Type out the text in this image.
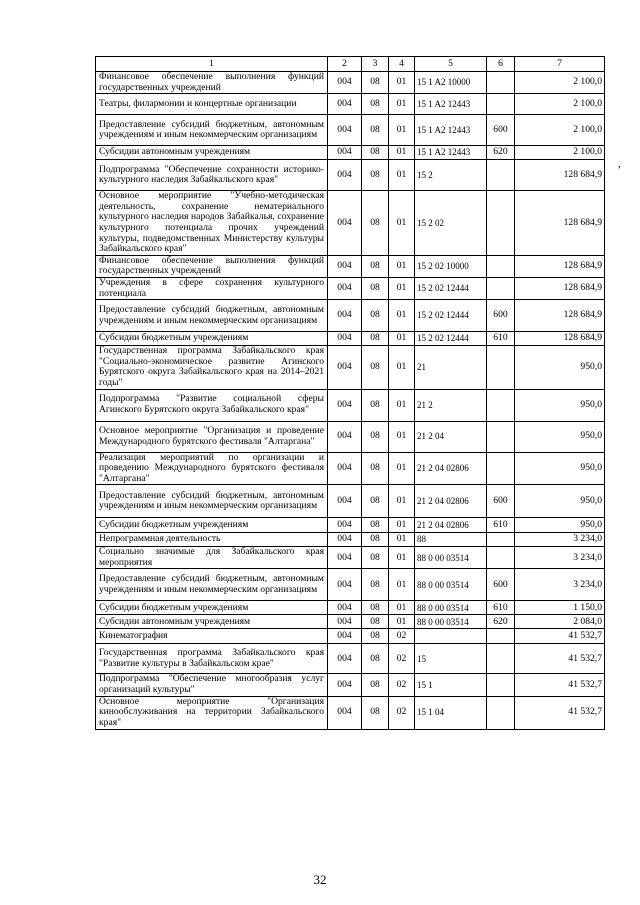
1	2	3	4	5	6	7
Финансовое обеспечение выполнения функций государственных учреждений	004	08	01	15 1 A2 10000		2 100,0
Театры, филармонии и концертные организации	004	08	01	15 1 A2 12443		2 100,0
Предоставление субсидий бюджетным, автономным учреждениям и иным некоммерческим организациям	004	08	01	15 1 A2 12443	600	2 100,0
Субсидии автономным учреждениям	004	08	01	15 1 A2 12443	620	2 100,0
Подпрограмма "Обеспечение сохранности историко-культурного наследия Забайкальского края"	004	08	01	15 2		128 684,9
Основное мероприятие "Учебно-методическая деятельность, сохранение нематериального культурного наследия народов Забайкалья, сохранение культурного потенциала прочих учреждений культуры, подведомственных Министерству культуры Забайкальского края"	004	08	01	15 2 02		128 684,9
Финансовое обеспечение выполнения функций государственных учреждений	004	08	01	15 2 02 10000		128 684,9
Учреждения в сфере сохранения культурного потенциала	004	08	01	15 2 02 12444		128 684,9
Предоставление субсидий бюджетным, автономным учреждениям и иным некоммерческим организациям	004	08	01	15 2 02 12444	600	128 684,9
Субсидии бюджетным учреждениям	004	08	01	15 2 02 12444	610	128 684,9
Государственная программа Забайкальского края "Социально-экономическое развитие Агинского Бурятского округа Забайкальского края на 2014–2021 годы"	004	08	01	21		950,0
Подпрограмма "Развитие социальной сферы Агинского Бурятского округа Забайкальского края"	004	08	01	21 2		950,0
Основное мероприятие "Организация и проведение Международного бурятского фестиваля "Алтаргана"	004	08	01	21 2 04		950,0
Реализация мероприятий по организации и проведению Международного бурятского фестиваля "Алтаргана"	004	08	01	21 2 04 02806		950,0
Предоставление субсидий бюджетным, автономным учреждениям и иным некоммерческим организациям	004	08	01	21 2 04 02806	600	950,0
Субсидии бюджетным учреждениям	004	08	01	21 2 04 02806	610	950,0
Непрограммная деятельность	004	08	01	88		3 234,0
Социально значимые для Забайкальского края мероприятия	004	08	01	88 0 00 03514		3 234,0
Предоставление субсидий бюджетным, автономным учреждениям и иным некоммерческим организациям	004	08	01	88 0 00 03514	600	3 234,0
Субсидии бюджетным учреждениям	004	08	01	88 0 00 03514	610	1 150,0
Субсидии автономным учреждениям	004	08	01	88 0 00 03514	620	2 084,0
Кинематография	004	08	02			41 532,7
Государственная программа Забайкальского края "Развитие культуры в Забайкальском крае"	004	08	02	15		41 532,7
Подпрограмма "Обеспечение многообразия услуг организаций культуры"	004	08	02	15 1		41 532,7
Основное мероприятие "Организация кинообслуживания на территории Забайкальского края"	004	08	02	15 1 04		41 532,7
,
32
